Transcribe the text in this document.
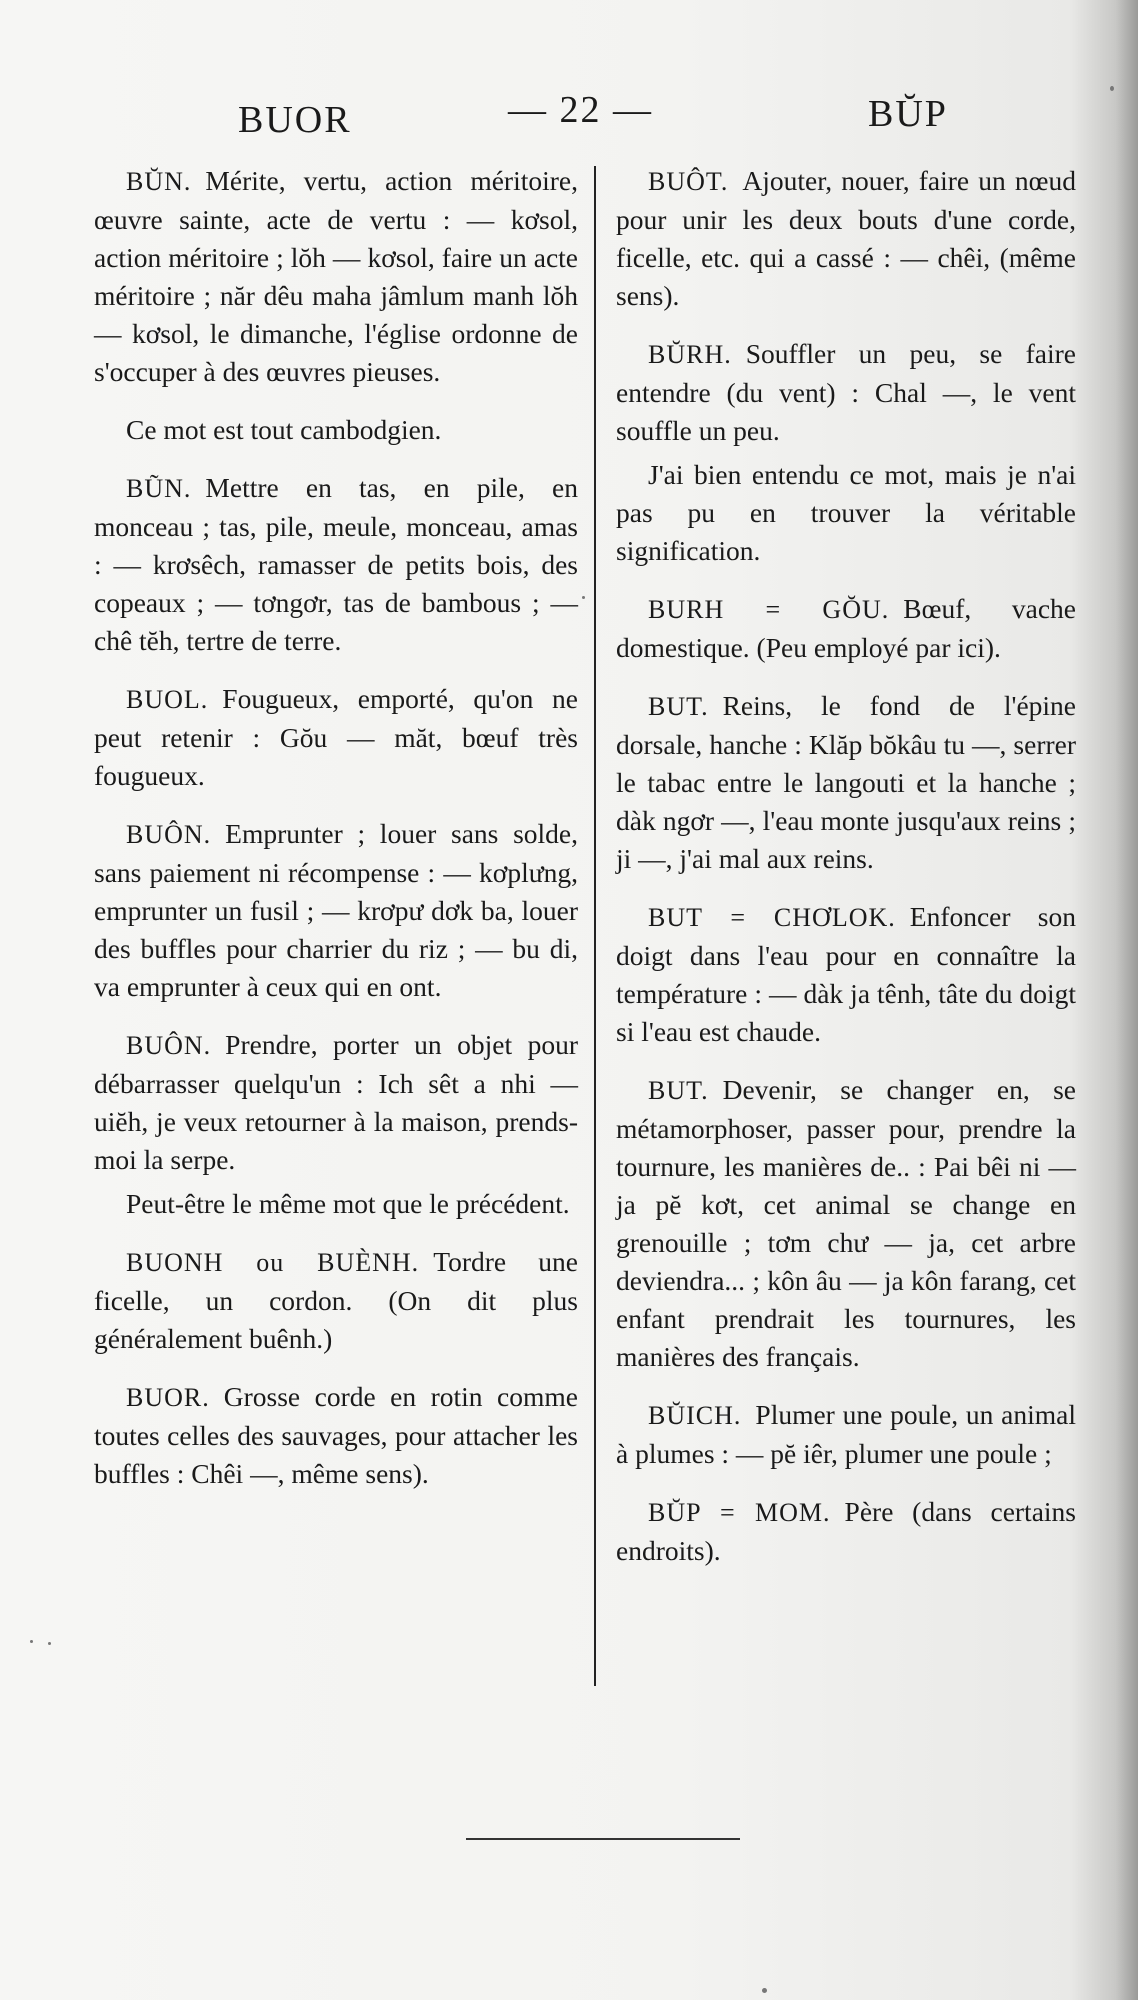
BUOR	— 22 —	BŬP

BŬN. Mérite, vertu, action méritoire, œuvre sainte, acte de vertu : — kơsol, action méritoire ; lŏh — kơsol, faire un acte méritoire ; năr dêu maha jâmlum manh lŏh — kơsol, le dimanche, l'église ordonne de s'occuper à des œuvres pieuses.

Ce mot est tout cambodgien.

BŨN. Mettre en tas, en pile, en monceau ; tas, pile, meule, monceau, amas : — krơsêch, ramasser de petits bois, des copeaux ; — tơngơr, tas de bambous ; — chê tĕh, tertre de terre.

BUOL. Fougueux, emporté, qu'on ne peut retenir : Gŏu — măt, bœuf très fougueux.

BUÔN. Emprunter ; louer sans solde, sans paiement ni récompense : — kơplưng, emprunter un fusil ; — krơpư dơk ba, louer des buffles pour charrier du riz ; — bu di, va emprunter à ceux qui en ont.

BUÔN. Prendre, porter un objet pour débarrasser quelqu'un : Ich sêt a nhi — uiĕh, je veux retourner à la maison, prends-moi la serpe.

Peut-être le même mot que le précédent.

BUONH ou BUÈNH. Tordre une ficelle, un cordon. (On dit plus généralement buênh.)

BUOR. Grosse corde en rotin comme toutes celles des sauvages, pour attacher les buffles : Chêi —, même sens).

BUÔT. Ajouter, nouer, faire un nœud pour unir les deux bouts d'une corde, ficelle, etc. qui a cassé : — chêi, (même sens).

BŬRH. Souffler un peu, se faire entendre (du vent) : Chal —, le vent souffle un peu.

J'ai bien entendu ce mot, mais je n'ai pas pu en trouver la véritable signification.

BURH = GŎU. Bœuf, vache domestique. (Peu employé par ici).

BUT. Reins, le fond de l'épine dorsale, hanche : Klăp bŏkâu tu —, serrer le tabac entre le langouti et la hanche ; dàk ngơr —, l'eau monte jusqu'aux reins ; ji —, j'ai mal aux reins.

BUT = CHƠLOK. Enfoncer son doigt dans l'eau pour en connaître la température : — dàk ja tênh, tâte du doigt si l'eau est chaude.

BUT. Devenir, se changer en, se métamorphoser, passer pour, prendre la tournure, les manières de.. : Pai bêi ni — ja pĕ kơt, cet animal se change en grenouille ; tơm chư — ja, cet arbre deviendra... ; kôn âu — ja kôn farang, cet enfant prendrait les tournures, les manières des français.

BŬICH. Plumer une poule, un animal à plumes : — pĕ iêr, plumer une poule ;

BŬP = MOM. Père (dans certains endroits).
